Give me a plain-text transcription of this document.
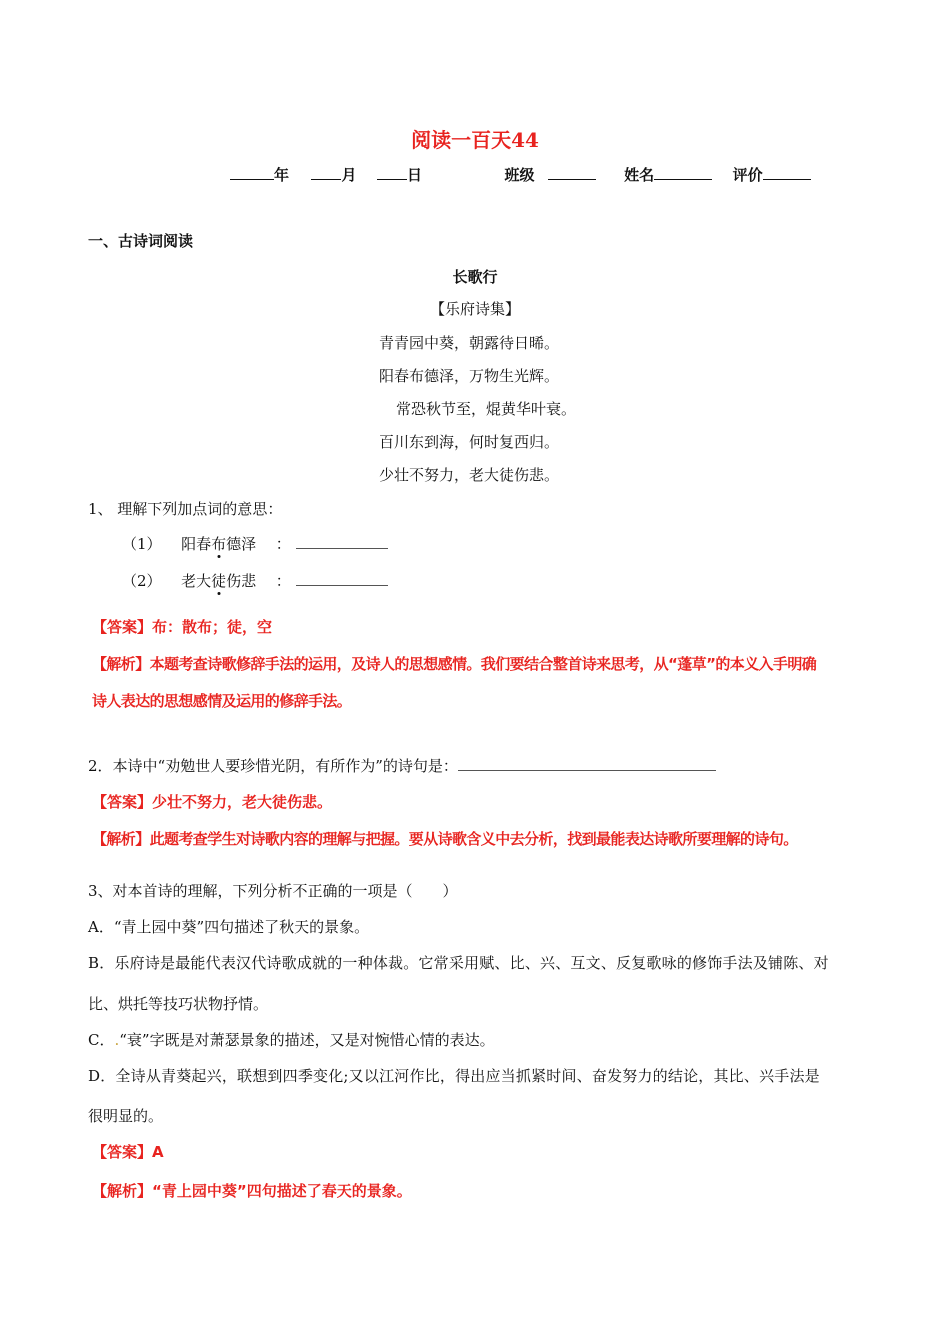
阅读一百天44
年	月	日	班级	姓名	评价
一、古诗词阅读
长歌行
【乐府诗集】
青青园中葵，朝露待日晞。
阳春布德泽，万物生光辉。
常恐秋节至，焜黄华叶衰。
百川东到海，何时复西归。
少壮不努力，老大徒伤悲。
1、 理解下列加点词的意思：
（1） 阳春布德泽 ：
（2） 老大徒伤悲 ：
【答案】布：散布；徒，空
【解析】本题考查诗歌修辞手法的运用，及诗人的思想感情。我们要结合整首诗来思考，从“蓬草”的本义入手明确
诗人表达的思想感情及运用的修辞手法。
2．本诗中“劝勉世人要珍惜光阴，有所作为”的诗句是：
【答案】少壮不努力，老大徒伤悲。
【解析】此题考查学生对诗歌内容的理解与把握。要从诗歌含义中去分析，找到最能表达诗歌所要理解的诗句。
3、对本首诗的理解，下列分析不正确的一项是（　　）
A．“青上园中葵”四句描述了秋天的景象。
B．乐府诗是最能代表汉代诗歌成就的一种体裁。它常采用赋、比、兴、互文、反复歌咏的修饰手法及铺陈、对
比、烘托等技巧状物抒情。
C．.“衰”字既是对萧瑟景象的描述，又是对惋惜心情的表达。
D．全诗从青葵起兴，联想到四季变化;又以江河作比，得出应当抓紧时间、奋发努力的结论，其比、兴手法是
很明显的。
【答案】A
【解析】“青上园中葵”四句描述了春天的景象。
